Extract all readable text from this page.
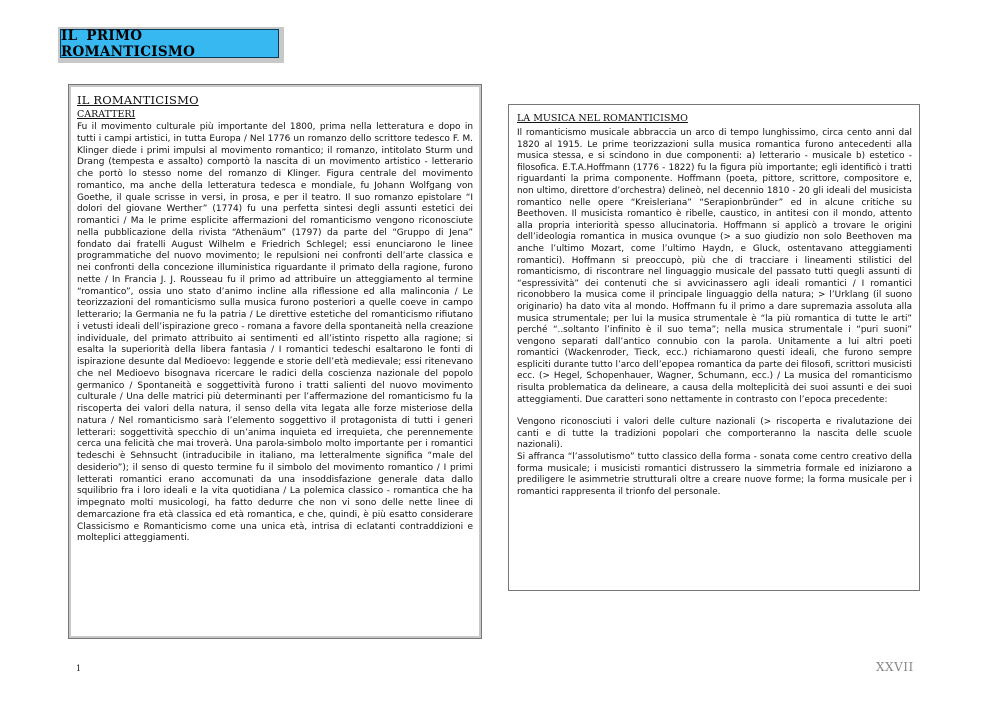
IL PRIMO ROMANTICISMO
IL ROMANTICISMO
CARATTERI

Fu il movimento culturale più importante del 1800, prima nella letteratura e dopo in tutti i campi artistici, in tutta Europa / Nel 1776 un romanzo dello scrittore tedesco F. M. Klinger diede i primi impulsi al movimento romantico; il romanzo, intitolato Sturm und Drang (tempesta e assalto) comportò la nascita di un movimento artistico - letterario che portò lo stesso nome del romanzo di Klinger. Figura centrale del movimento romantico, ma anche della letteratura tedesca e mondiale, fu Johann Wolfgang von Goethe, il quale scrisse in versi, in prosa, e per il teatro. Il suo romanzo epistolare “I dolori del giovane Werther” (1774) fu una perfetta sintesi degli assunti estetici dei romantici / Ma le prime esplicite affermazioni del romanticismo vengono riconosciute nella pubblicazione della rivista “Athenäum” (1797) da parte del “Gruppo di Jena” fondato dai fratelli August Wilhelm e Friedrich Schlegel; essi enunciarono le linee programmatiche del nuovo movimento; le repulsioni nei confronti dell’arte classica e nei confronti della concezione illuministica riguardante il primato della ragione, furono nette / In Francia J. J. Rousseau fu il primo ad attribuire un atteggiamento al termine “romantico”, ossia uno stato d’animo incline alla riflessione ed alla malinconia / Le teorizzazioni del romanticismo sulla musica furono posteriori a quelle coeve in campo letterario; la Germania ne fu la patria / Le direttive estetiche del romanticismo rifiutano i vetusti ideali dell’ispirazione greco - romana a favore della spontaneità nella creazione individuale, del primato attribuito ai sentimenti ed all’istinto rispetto alla ragione; si esalta la superiorità della libera fantasia / I romantici tedeschi esaltarono le fonti di ispirazione desunte dal Medioevo: leggende e storie dell’età medievale; essi ritenevano che nel Medioevo bisognava ricercare le radici della coscienza nazionale del popolo germanico / Spontaneità e soggettività furono i tratti salienti del nuovo movimento culturale / Una delle matrici più determinanti per l’affermazione del romanticismo fu la riscoperta dei valori della natura, il senso della vita legata alle forze misteriose della natura / Nel romanticismo sarà l’elemento soggettivo il protagonista di tutti i generi letterari: soggettività specchio di un’anima inquieta ed irrequieta, che perennemente cerca una felicità che mai troverà. Una parola-simbolo molto importante per i romantici tedeschi è Sehnsucht (intraducibile in italiano, ma letteralmente significa “male del desiderio”); il senso di questo termine fu il simbolo del movimento romantico / I primi letterati romantici erano accomunati da una insoddisfazione generale data dallo squilibrio fra i loro ideali e la vita quotidiana / La polemica classico - romantica che ha impegnato molti musicologi, ha fatto dedurre che non vi sono delle nette linee di demarcazione fra età classica ed età romantica, e che, quindi, è più esatto considerare Classicismo e Romanticismo come una unica età, intrisa di eclatanti contraddizioni e molteplici atteggiamenti.

LA MUSICA NEL ROMANTICISMO

Il romanticismo musicale abbraccia un arco di tempo lunghissimo, circa cento anni dal 1820 al 1915. Le prime teorizzazioni sulla musica romantica furono antecedenti alla musica stessa, e si scindono in due componenti: a) letterario - musicale b) estetico - filosofica. E.T.A.Hoffmann (1776 - 1822) fu la figura più importante; egli identificò i tratti riguardanti la prima componente. Hoffmann (poeta, pittore, scrittore, compositore e, non ultimo, direttore d’orchestra) delineò, nel decennio 1810 - 20 gli ideali del musicista romantico nelle opere “Kreisleriana” “Serapionbründer” ed in alcune critiche su Beethoven. Il musicista romantico è ribelle, caustico, in antitesi con il mondo, attento alla propria interiorità spesso allucinatoria. Hoffmann si applicò a trovare le origini dell’ideologia romantica in musica ovunque (> a suo giudizio non solo Beethoven ma anche l’ultimo Mozart, come l’ultimo Haydn, e Gluck, ostentavano atteggiamenti romantici). Hoffmann si preoccupò, più che di tracciare i lineamenti stilistici del romanticismo, di riscontrare nel linguaggio musicale del passato tutti quegli assunti di “espressività” dei contenuti che si avvicinassero agli ideali romantici / I romantici riconobbero la musica come il principale linguaggio della natura; > l’Urklang (il suono originario) ha dato vita al mondo. Hoffmann fu il primo a dare supremazia assoluta alla musica strumentale; per lui la musica strumentale è “la più romantica di tutte le arti” perché “..soltanto l’infinito è il suo tema”; nella musica strumentale i “puri suoni” vengono separati dall’antico connubio con la parola. Unitamente a lui altri poeti romantici (Wackenroder, Tieck, ecc.) richiamarono questi ideali, che furono sempre espliciti durante tutto l’arco dell’epopea romantica da parte dei filosofi, scrittori musicisti ecc. (> Hegel, Schopenhauer, Wagner, Schumann, ecc.) / La musica del romanticismo risulta problematica da delineare, a causa della molteplicità dei suoi assunti e dei suoi atteggiamenti. Due caratteri sono nettamente in contrasto con l’epoca precedente:

Vengono riconosciuti i valori delle culture nazionali (> riscoperta e rivalutazione dei canti e di tutte la tradizioni popolari che comporteranno la nascita delle scuole nazionali).

Si affranca “l’assolutismo” tutto classico della forma - sonata come centro creativo della forma musicale; i musicisti romantici distrussero la simmetria formale ed iniziarono a prediligere le asimmetrie strutturali oltre a creare nuove forme; la forma musicale per i romantici rappresenta il trionfo del personale.

1	XXVII
